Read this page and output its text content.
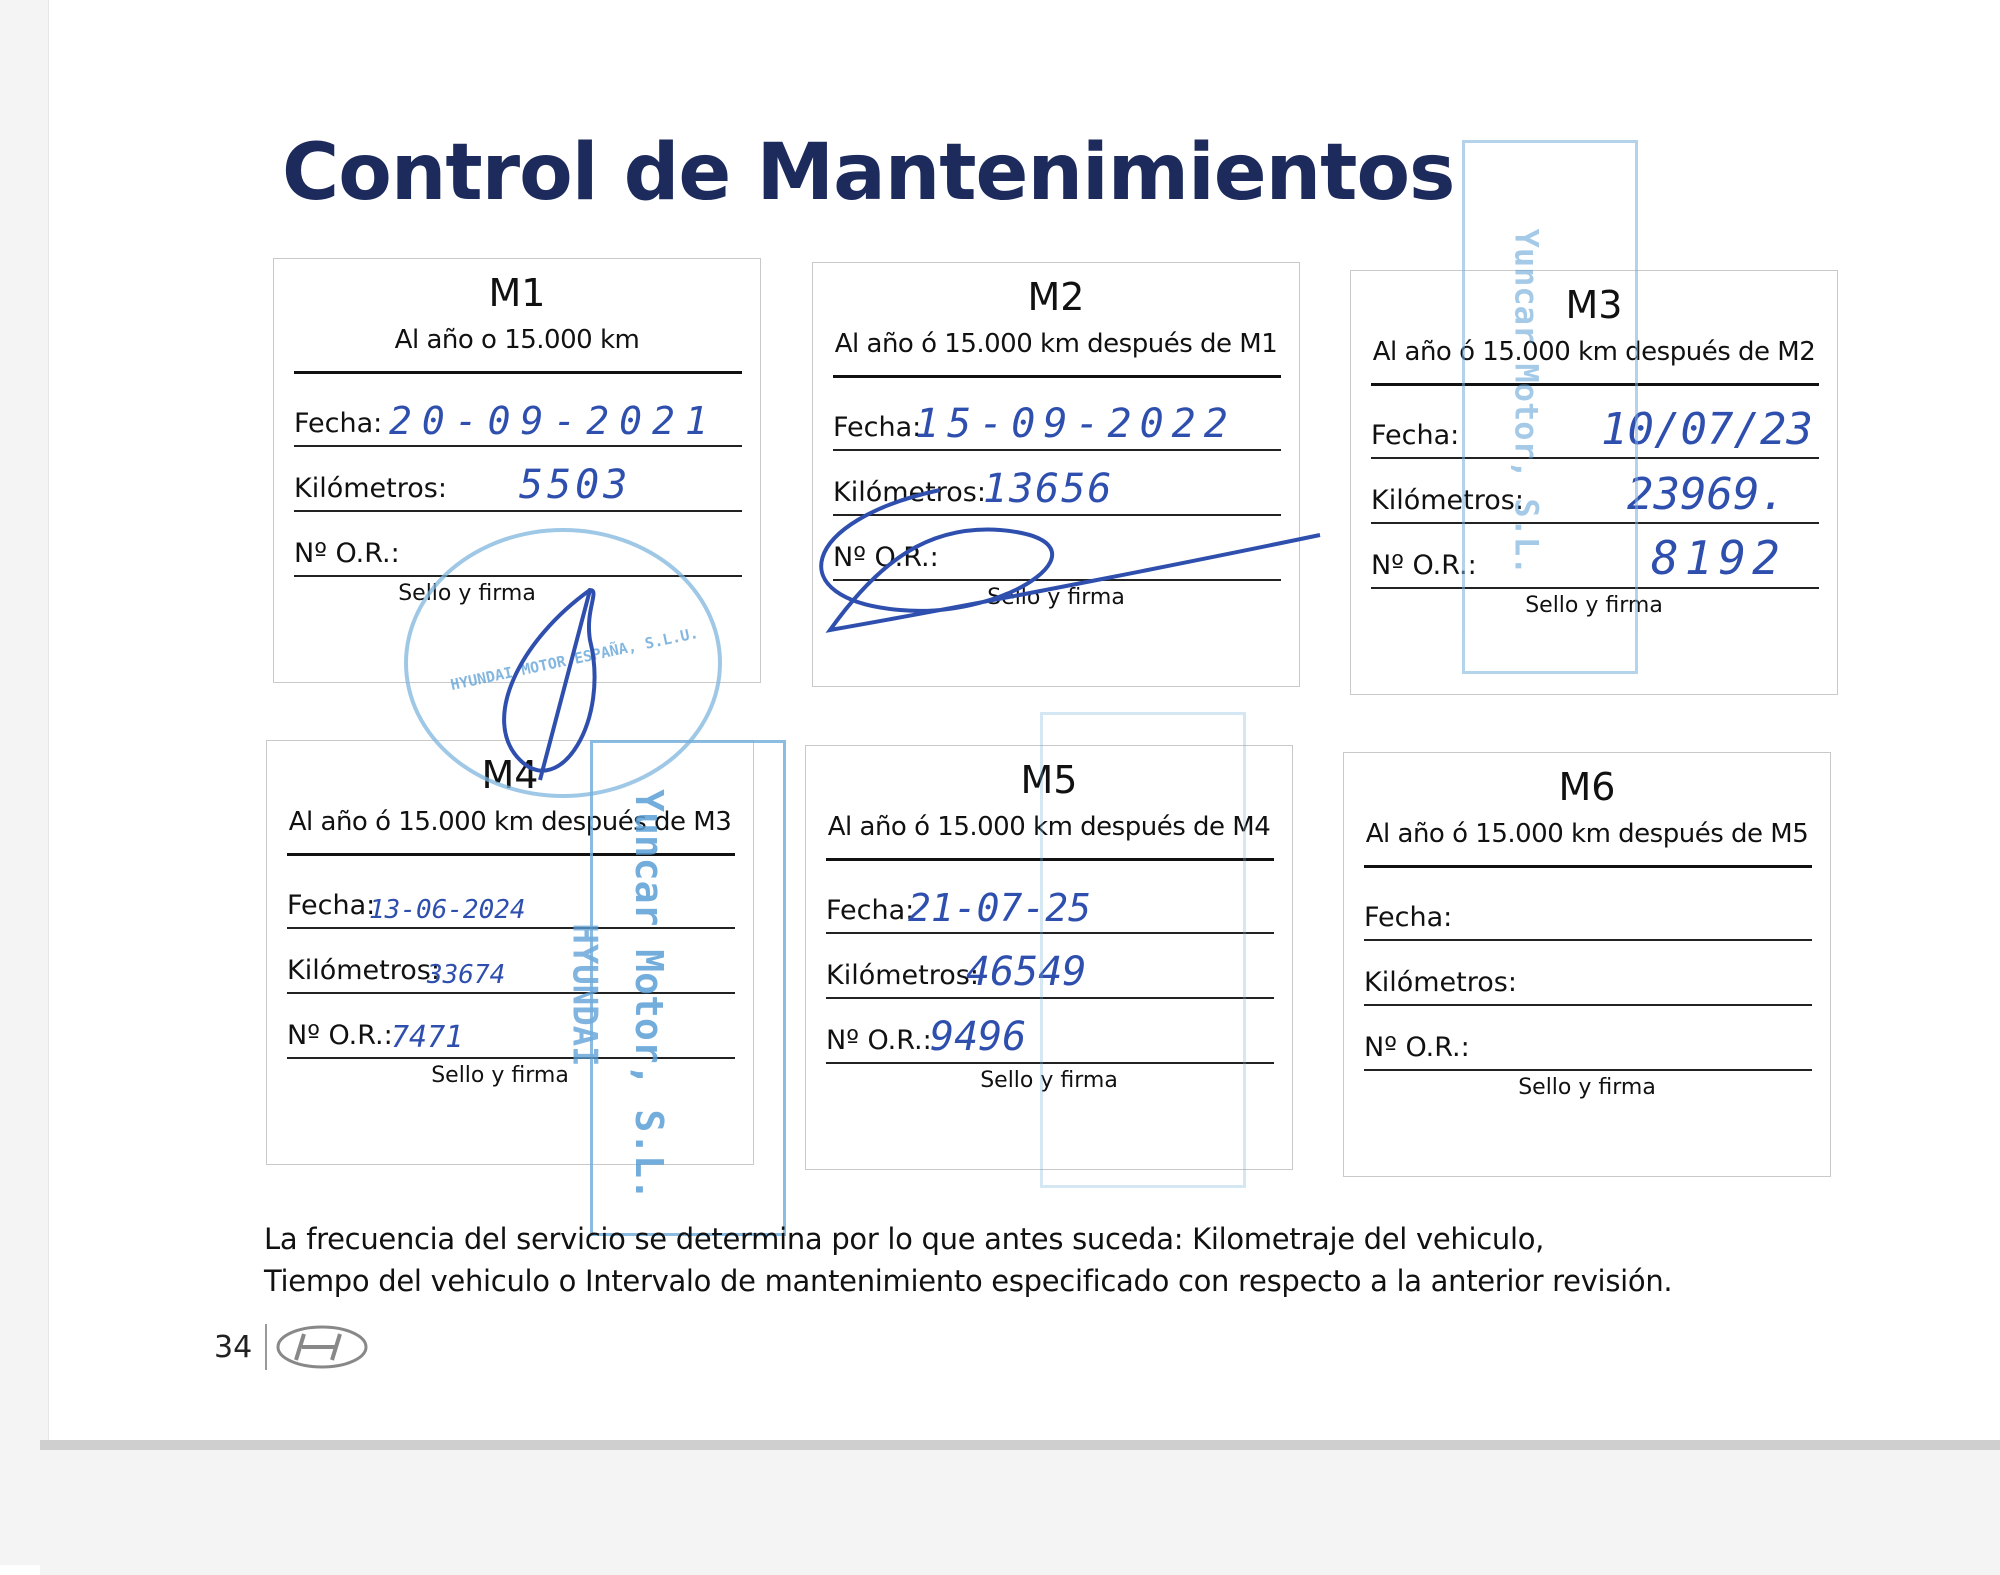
Control de Mantenimientos
M1
Al año o 15.000 km
Fecha: 20-09-2021
Kilómetros: 5503
Nº O.R.:
Sello y firma
M2
Al año ó 15.000 km después de M1
Fecha:
15-09-2022
Kilómetros:
13656
Nº O.R.:
Sello y firma
M3
Al año ó 15.000 km después de M2
Fecha:	10/07/23
Kilómetros: 23969.
Nº O.R.:	8192
Sello y firma
M4
Al año ó 15.000 km después de M3
Fecha:
13-06-2024
Kilómetros:
33674
Nº O.R.:
7471
Sello y firma
M5
Al año ó 15.000 km después de M4
Fecha:
21-07-25
Kilómetros:
46549
Nº O.R.:
9496
Sello y firma
M6
Al año ó 15.000 km después de M5
Fecha:
Kilómetros:
Nº O.R.:
Sello y firma
HYUNDAI MOTOR ESPAÑA, S.L.U.
Yuncar Motor, S.L.
HYUNDAI
Yuncar Motor, S.L.
La frecuencia del servicio se determina por lo que antes suceda: Kilometraje del vehiculo,
Tiempo del vehiculo o Intervalo de mantenimiento especificado con respecto a la anterior revisión.
34
